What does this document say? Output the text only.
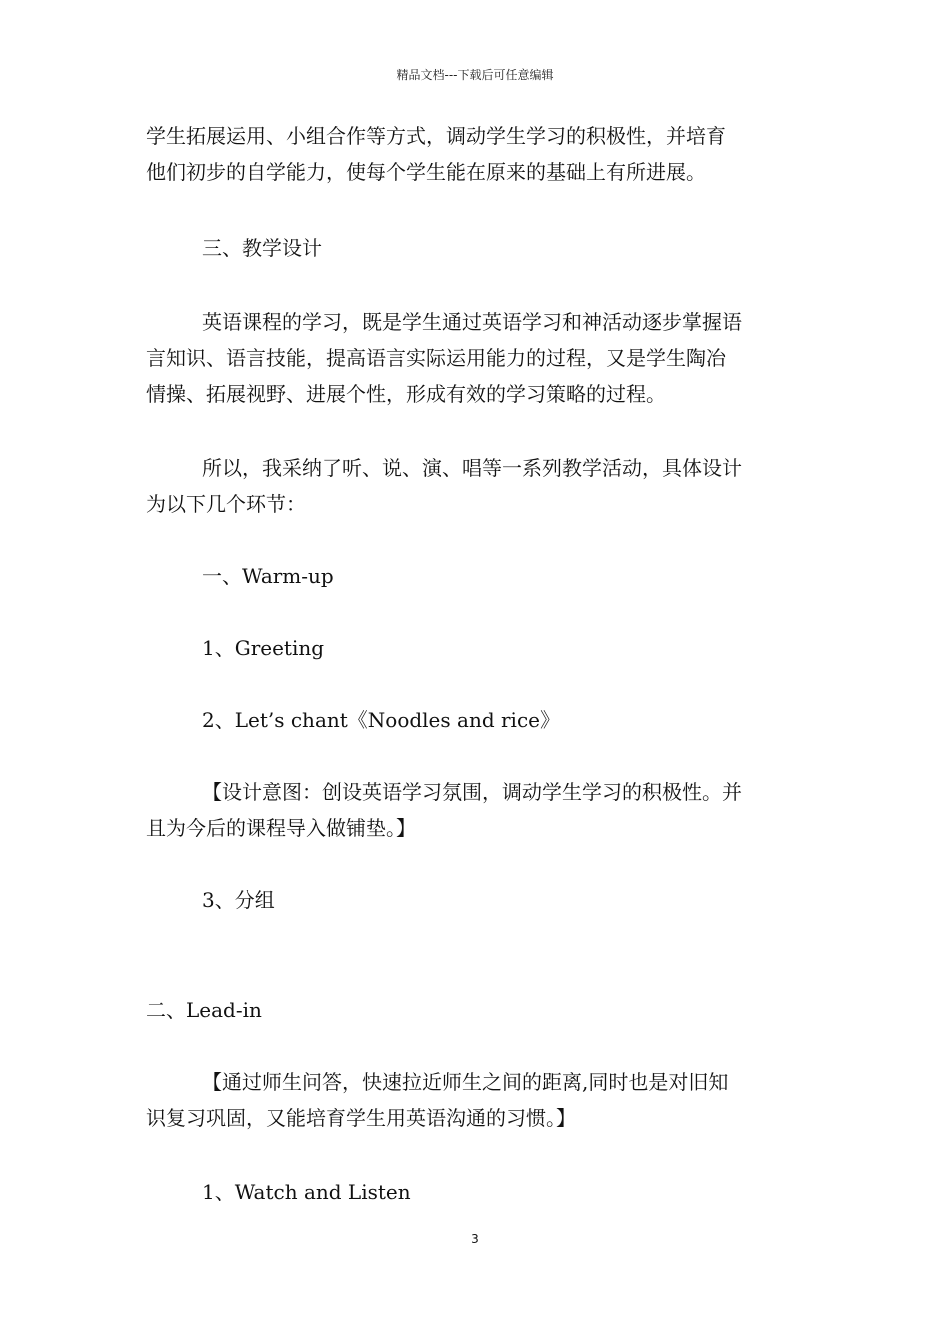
精品文档---下载后可任意编辑

学生拓展运用、小组合作等方式，调动学生学习的积极性，并培育
他们初步的自学能力，使每个学生能在原来的基础上有所进展。

三、教学设计

英语课程的学习，既是学生通过英语学习和神活动逐步掌握语
言知识、语言技能，提高语言实际运用能力的过程，又是学生陶冶
情操、拓展视野、进展个性，形成有效的学习策略的过程。

所以，我采纳了听、说、演、唱等一系列教学活动，具体设计
为以下几个环节：

一、Warm-up

1、Greeting

2、Let’s chant《Noodles and rice》

【设计意图：创设英语学习氛围，调动学生学习的积极性。并
且为今后的课程导入做铺垫。】

3、分组

二、Lead-in

【通过师生问答，快速拉近师生之间的距离,同时也是对旧知
识复习巩固，又能培育学生用英语沟通的习惯。】

1、Watch and Listen

3
